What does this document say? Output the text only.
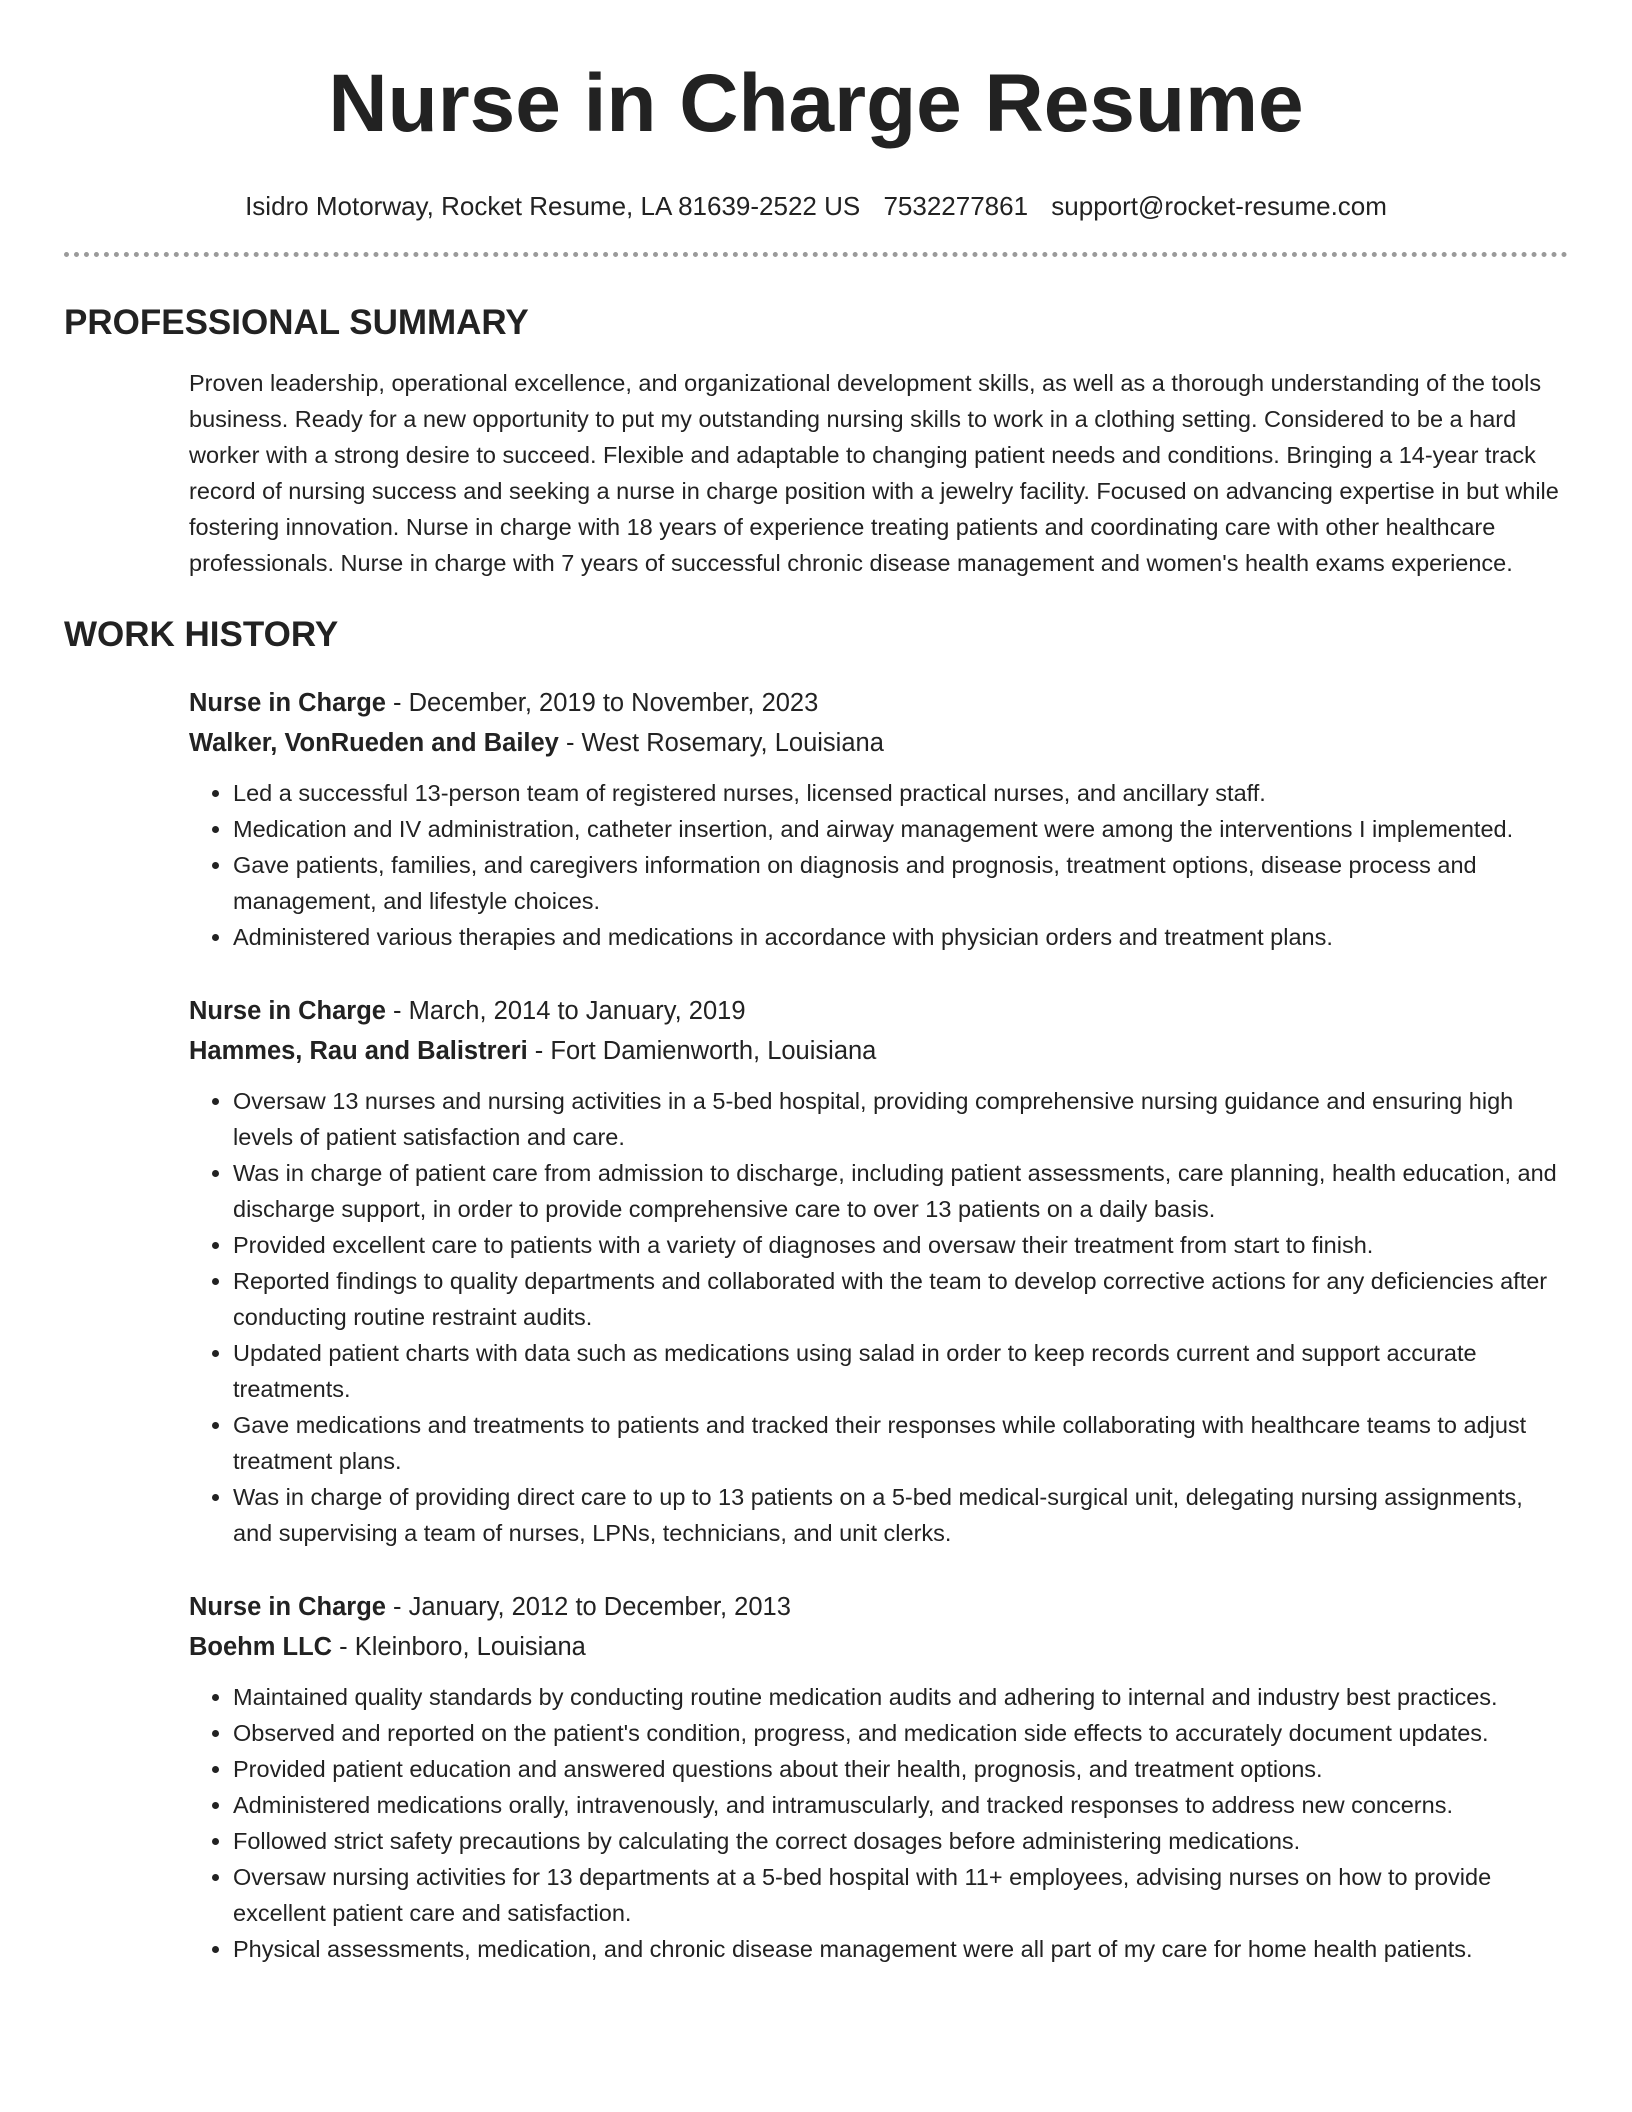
Nurse in Charge Resume
Isidro Motorway, Rocket Resume, LA 81639-2522 US 7532277861 support@rocket-resume.com
PROFESSIONAL SUMMARY
Proven leadership, operational excellence, and organizational development skills, as well as a thorough understanding of the tools business. Ready for a new opportunity to put my outstanding nursing skills to work in a clothing setting. Considered to be a hard worker with a strong desire to succeed. Flexible and adaptable to changing patient needs and conditions. Bringing a 14-year track record of nursing success and seeking a nurse in charge position with a jewelry facility. Focused on advancing expertise in but while fostering innovation. Nurse in charge with 18 years of experience treating patients and coordinating care with other healthcare professionals. Nurse in charge with 7 years of successful chronic disease management and women's health exams experience.
WORK HISTORY
Nurse in Charge - December, 2019 to November, 2023
Walker, VonRueden and Bailey - West Rosemary, Louisiana
• Led a successful 13-person team of registered nurses, licensed practical nurses, and ancillary staff.
• Medication and IV administration, catheter insertion, and airway management were among the interventions I implemented.
• Gave patients, families, and caregivers information on diagnosis and prognosis, treatment options, disease process and management, and lifestyle choices.
• Administered various therapies and medications in accordance with physician orders and treatment plans.
Nurse in Charge - March, 2014 to January, 2019
Hammes, Rau and Balistreri - Fort Damienworth, Louisiana
• Oversaw 13 nurses and nursing activities in a 5-bed hospital, providing comprehensive nursing guidance and ensuring high levels of patient satisfaction and care.
• Was in charge of patient care from admission to discharge, including patient assessments, care planning, health education, and discharge support, in order to provide comprehensive care to over 13 patients on a daily basis.
• Provided excellent care to patients with a variety of diagnoses and oversaw their treatment from start to finish.
• Reported findings to quality departments and collaborated with the team to develop corrective actions for any deficiencies after conducting routine restraint audits.
• Updated patient charts with data such as medications using salad in order to keep records current and support accurate treatments.
• Gave medications and treatments to patients and tracked their responses while collaborating with healthcare teams to adjust treatment plans.
• Was in charge of providing direct care to up to 13 patients on a 5-bed medical-surgical unit, delegating nursing assignments, and supervising a team of nurses, LPNs, technicians, and unit clerks.
Nurse in Charge - January, 2012 to December, 2013
Boehm LLC - Kleinboro, Louisiana
• Maintained quality standards by conducting routine medication audits and adhering to internal and industry best practices.
• Observed and reported on the patient's condition, progress, and medication side effects to accurately document updates.
• Provided patient education and answered questions about their health, prognosis, and treatment options.
• Administered medications orally, intravenously, and intramuscularly, and tracked responses to address new concerns.
• Followed strict safety precautions by calculating the correct dosages before administering medications.
• Oversaw nursing activities for 13 departments at a 5-bed hospital with 11+ employees, advising nurses on how to provide excellent patient care and satisfaction.
• Physical assessments, medication, and chronic disease management were all part of my care for home health patients.
